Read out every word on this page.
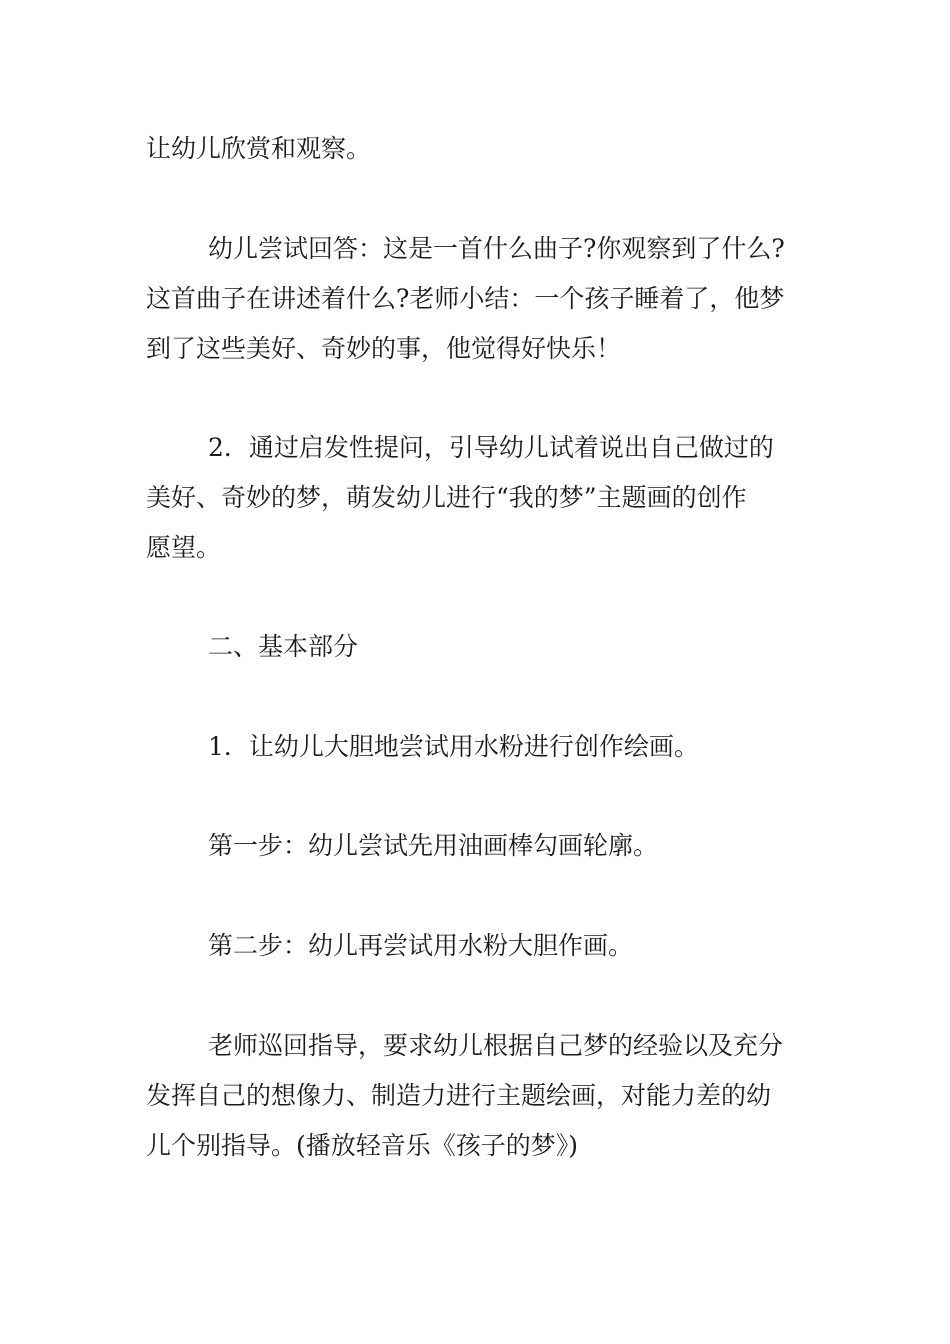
让幼儿欣赏和观察。

幼儿尝试回答：这是一首什么曲子?你观察到了什么?
这首曲子在讲述着什么?老师小结：一个孩子睡着了，他梦
到了这些美好、奇妙的事，他觉得好快乐！

2．通过启发性提问，引导幼儿试着说出自己做过的
美好、奇妙的梦，萌发幼儿进行“我的梦”主题画的创作
愿望。

二、基本部分

1．让幼儿大胆地尝试用水粉进行创作绘画。

第一步：幼儿尝试先用油画棒勾画轮廓。

第二步：幼儿再尝试用水粉大胆作画。

老师巡回指导，要求幼儿根据自己梦的经验以及充分
发挥自己的想像力、制造力进行主题绘画，对能力差的幼
儿个别指导。(播放轻音乐《孩子的梦》)
